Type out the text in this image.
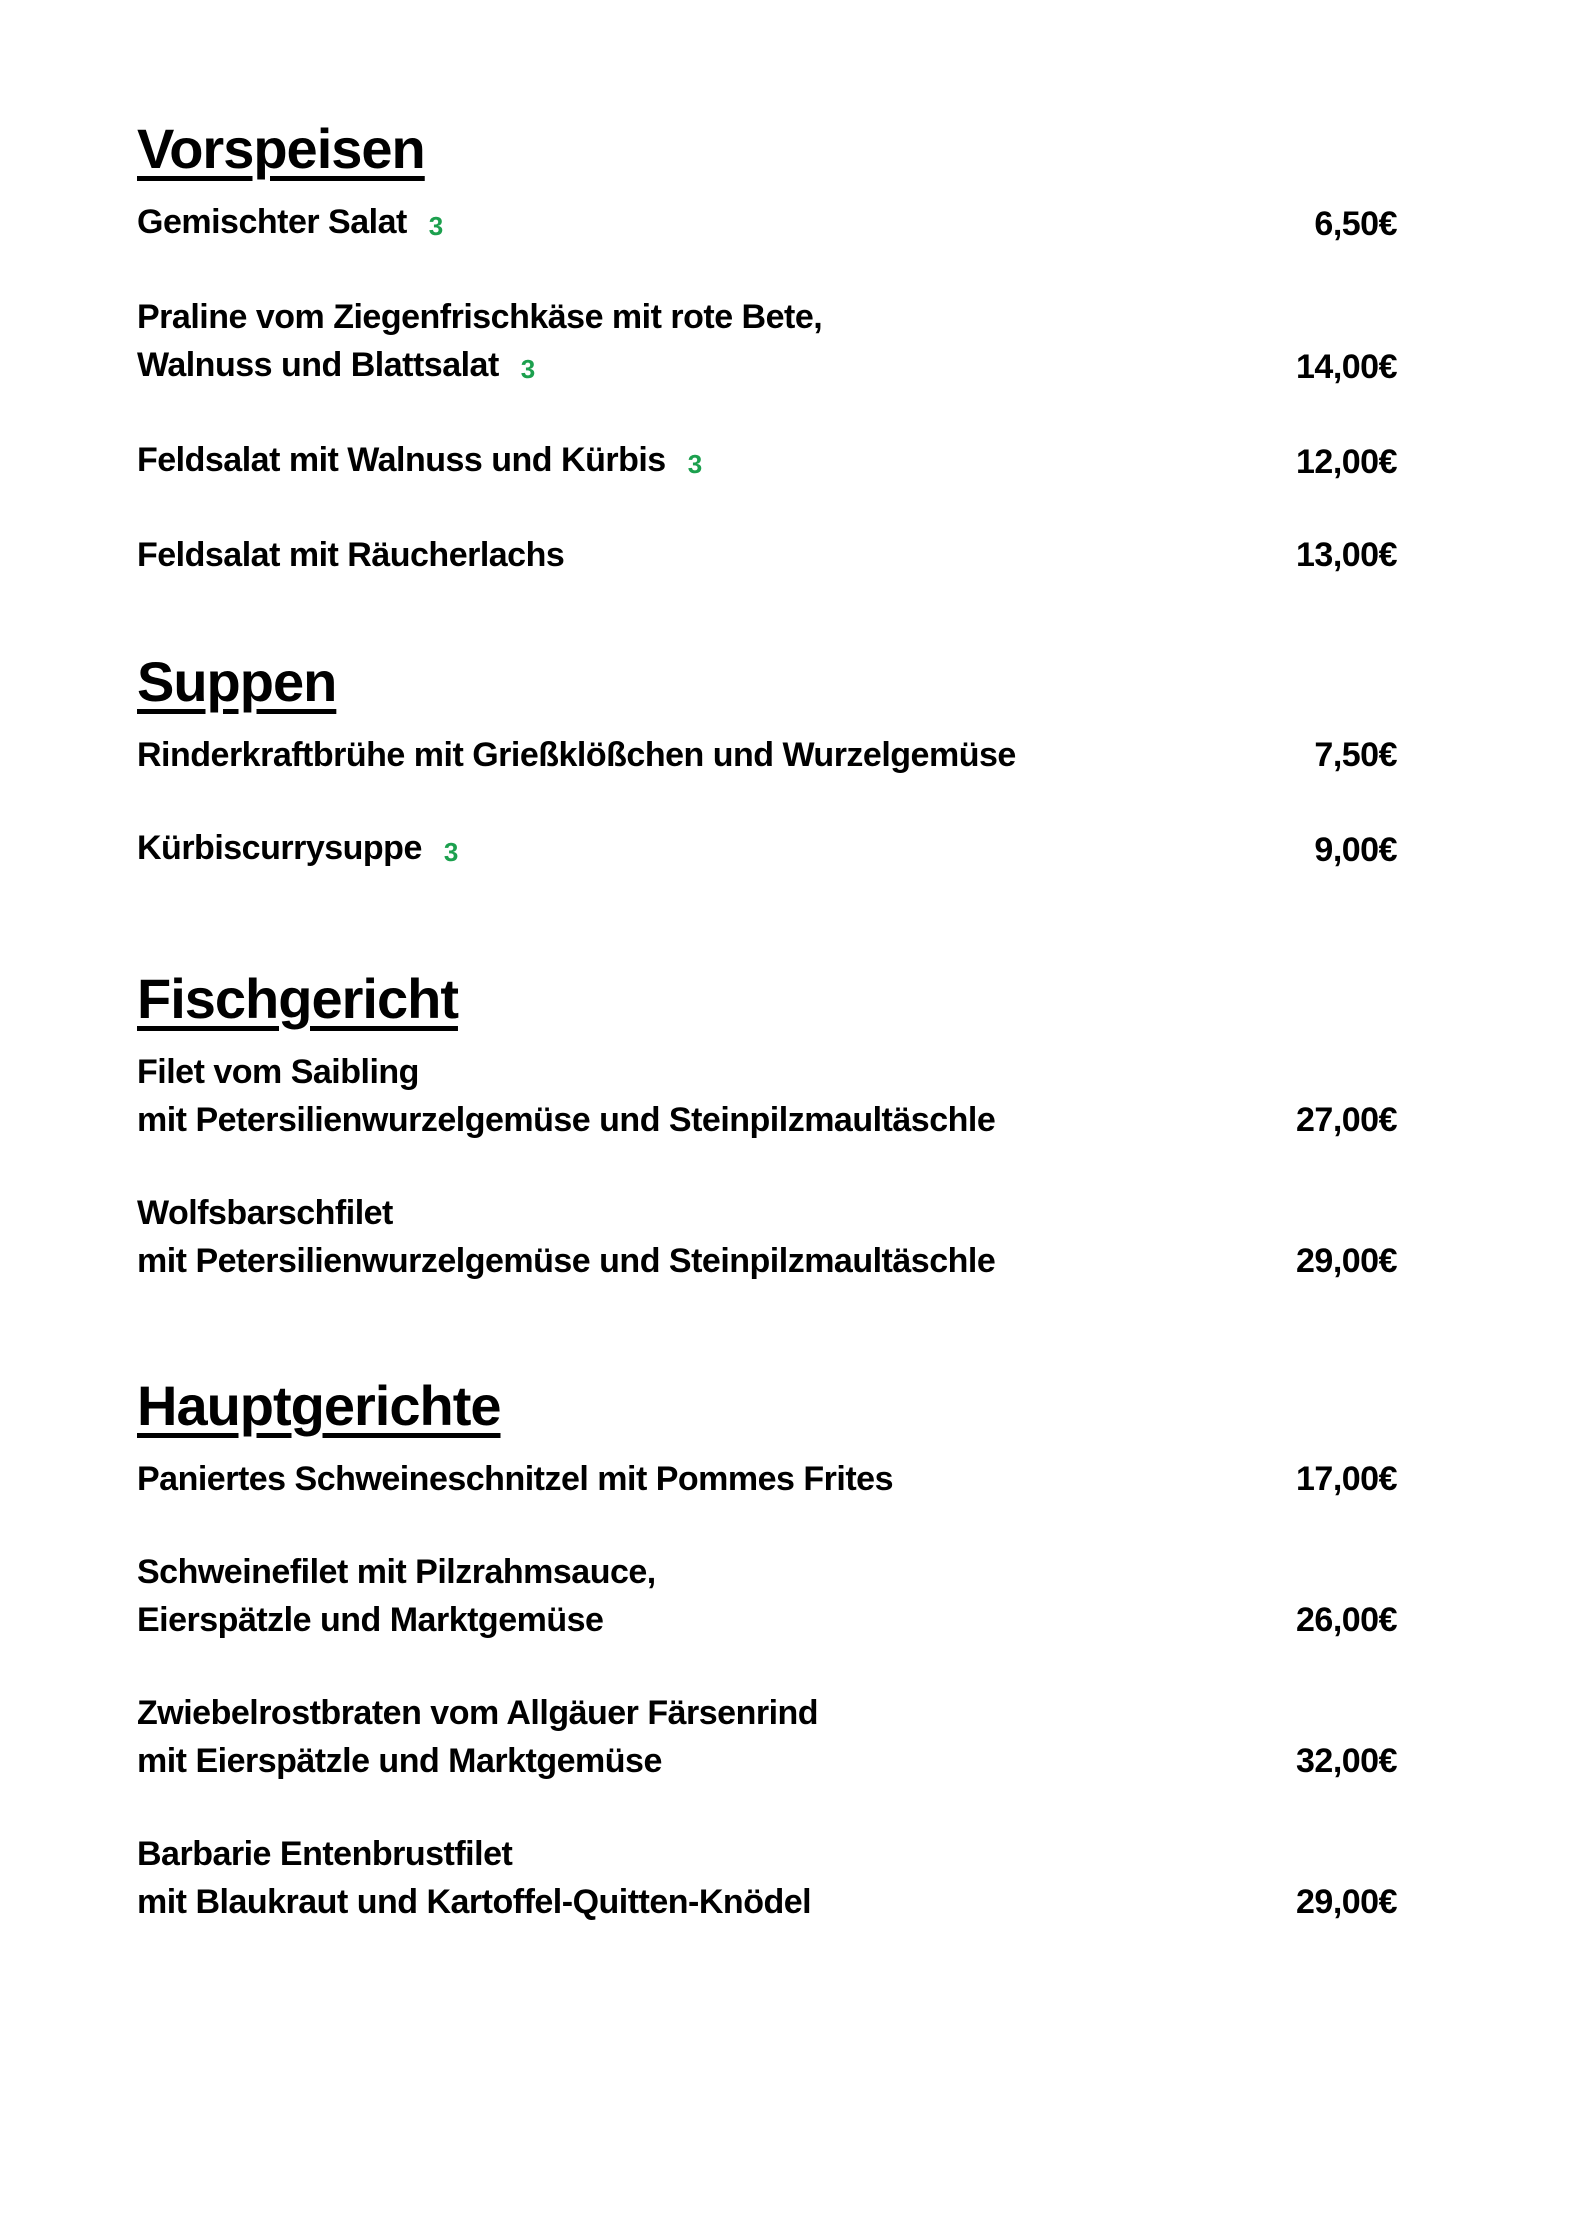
Vorspeisen
Gemischter Salat 3	6,50€
Praline vom Ziegenfrischkäse mit rote Bete,
Walnuss und Blattsalat 3	14,00€
Feldsalat mit Walnuss und Kürbis 3	12,00€
Feldsalat mit Räucherlachs	13,00€
Suppen
Rinderkraftbrühe mit Grießklößchen und Wurzelgemüse	7,50€
Kürbiscurrysuppe 3	9,00€
Fischgericht
Filet vom Saibling
mit Petersilienwurzelgemüse und Steinpilzmaultäschle	27,00€
Wolfsbarschfilet
mit Petersilienwurzelgemüse und Steinpilzmaultäschle	29,00€
Hauptgerichte
Paniertes Schweineschnitzel mit Pommes Frites	17,00€
Schweinefilet mit Pilzrahmsauce,
Eierspätzle und Marktgemüse	26,00€
Zwiebelrostbraten vom Allgäuer Färsenrind
mit Eierspätzle und Marktgemüse	32,00€
Barbarie Entenbrustfilet
mit Blaukraut und Kartoffel-Quitten-Knödel	29,00€
